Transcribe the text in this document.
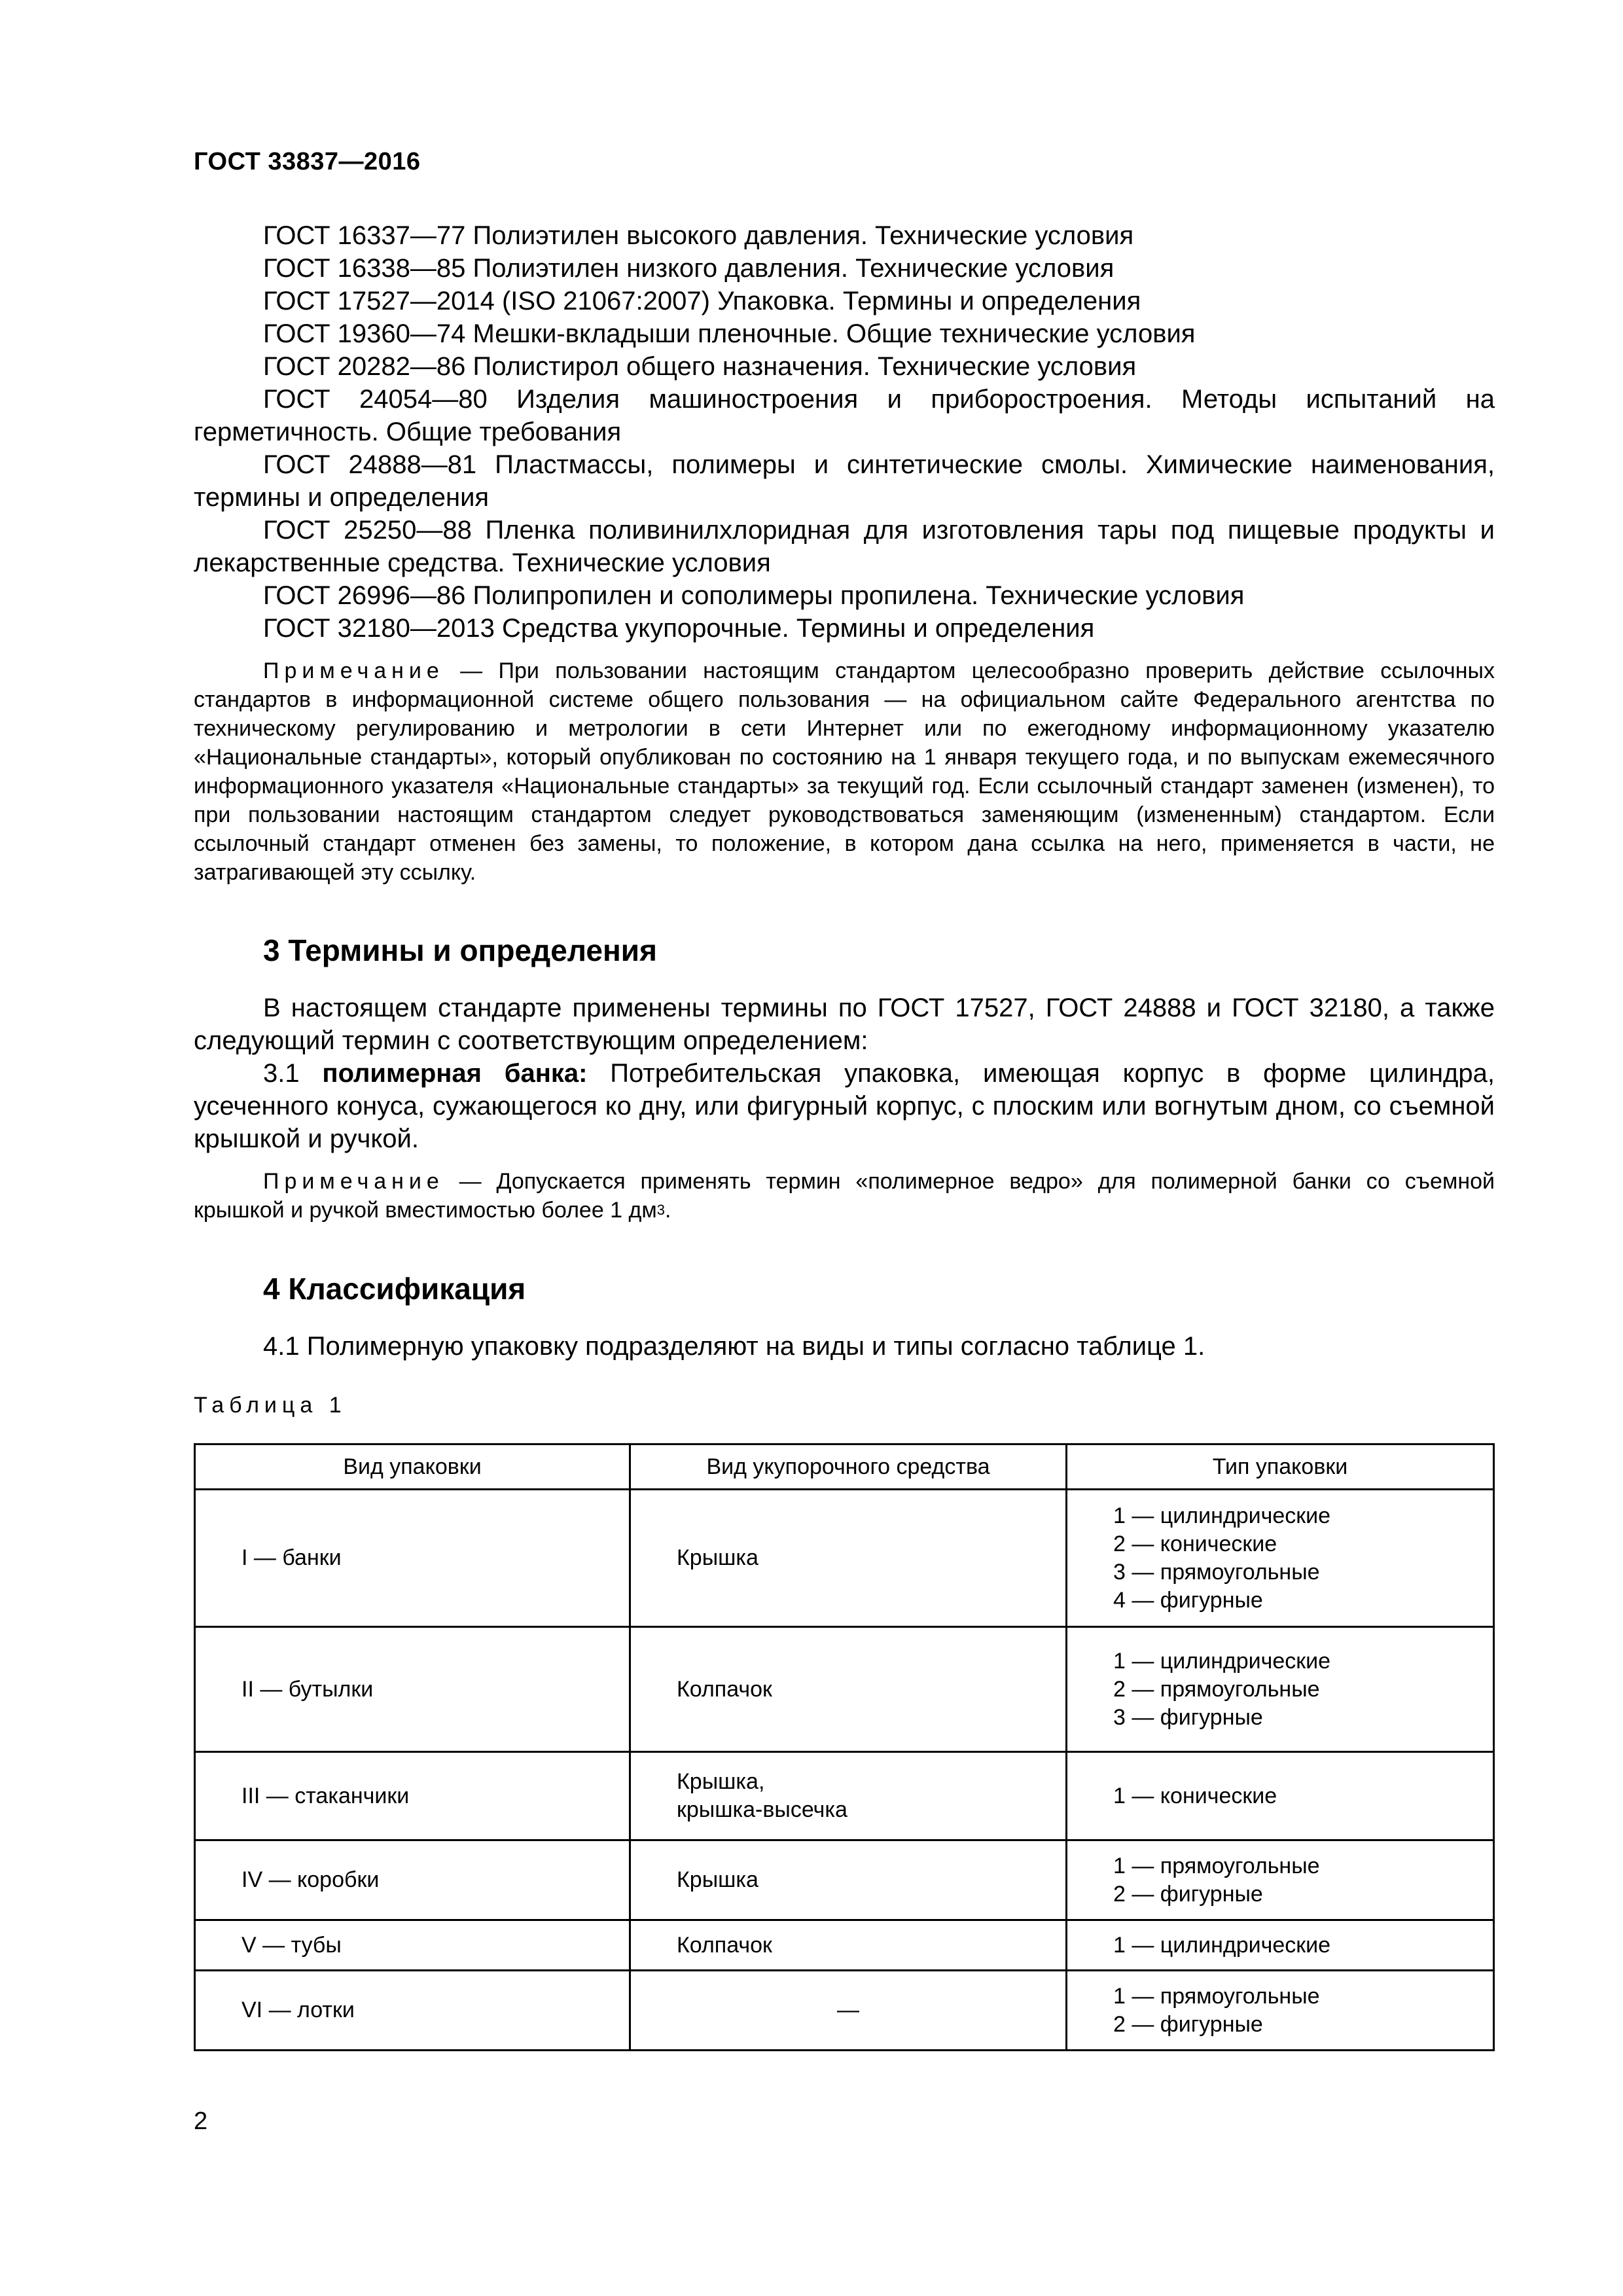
ГОСТ 33837—2016

ГОСТ 16337—77 Полиэтилен высокого давления. Технические условия

ГОСТ 16338—85 Полиэтилен низкого давления. Технические условия

ГОСТ 17527—2014 (ISO 21067:2007) Упаковка. Термины и определения

ГОСТ 19360—74 Мешки-вкладыши пленочные. Общие технические условия

ГОСТ 20282—86 Полистирол общего назначения. Технические условия

ГОСТ 24054—80 Изделия машиностроения и приборостроения. Методы испытаний на герметичность. Общие требования

ГОСТ 24888—81 Пластмассы, полимеры и синтетические смолы. Химические наименования, термины и определения

ГОСТ 25250—88 Пленка поливинилхлоридная для изготовления тары под пищевые продукты и лекарственные средства. Технические условия

ГОСТ 26996—86 Полипропилен и сополимеры пропилена. Технические условия

ГОСТ 32180—2013 Средства укупорочные. Термины и определения

Примечание — При пользовании настоящим стандартом целесообразно проверить действие ссылочных стандартов в информационной системе общего пользования — на официальном сайте Федерального агентства по техническому регулированию и метрологии в сети Интернет или по ежегодному информационному указателю «Национальные стандарты», который опубликован по состоянию на 1 января текущего года, и по выпускам ежемесячного информационного указателя «Национальные стандарты» за текущий год. Если ссылочный стандарт заменен (изменен), то при пользовании настоящим стандартом следует руководствоваться заменяющим (измененным) стандартом. Если ссылочный стандарт отменен без замены, то положение, в котором дана ссылка на него, применяется в части, не затрагивающей эту ссылку.

3 Термины и определения

В настоящем стандарте применены термины по ГОСТ 17527, ГОСТ 24888 и ГОСТ 32180, а также следующий термин с соответствующим определением:

3.1 полимерная банка: Потребительская упаковка, имеющая корпус в форме цилиндра, усеченного конуса, сужающегося ко дну, или фигурный корпус, с плоским или вогнутым дном, со съемной крышкой и ручкой.

Примечание — Допускается применять термин «полимерное ведро» для полимерной банки со съемной крышкой и ручкой вместимостью более 1 $дм^3$.

4 Классификация

4.1 Полимерную упаковку подразделяют на виды и типы согласно таблице 1.

Таблица 1
Вид упаковки	Вид укупорочного средства	Тип упаковки
I — банки	Крышка	1 — цилиндрические
2 — конические
3 — прямоугольные
4 — фигурные

II — бутылки	Колпачок	1 — цилиндрические
2 — прямоугольные
3 — фигурные

III — стаканчики	Крышка,
крышка-высечка	1 — конические

IV — коробки	Крышка	1 — прямоугольные
2 — фигурные

V — тубы	Колпачок	1 — цилиндрические

VI — лотки	—	1 — прямоугольные
2 — фигурные
2
